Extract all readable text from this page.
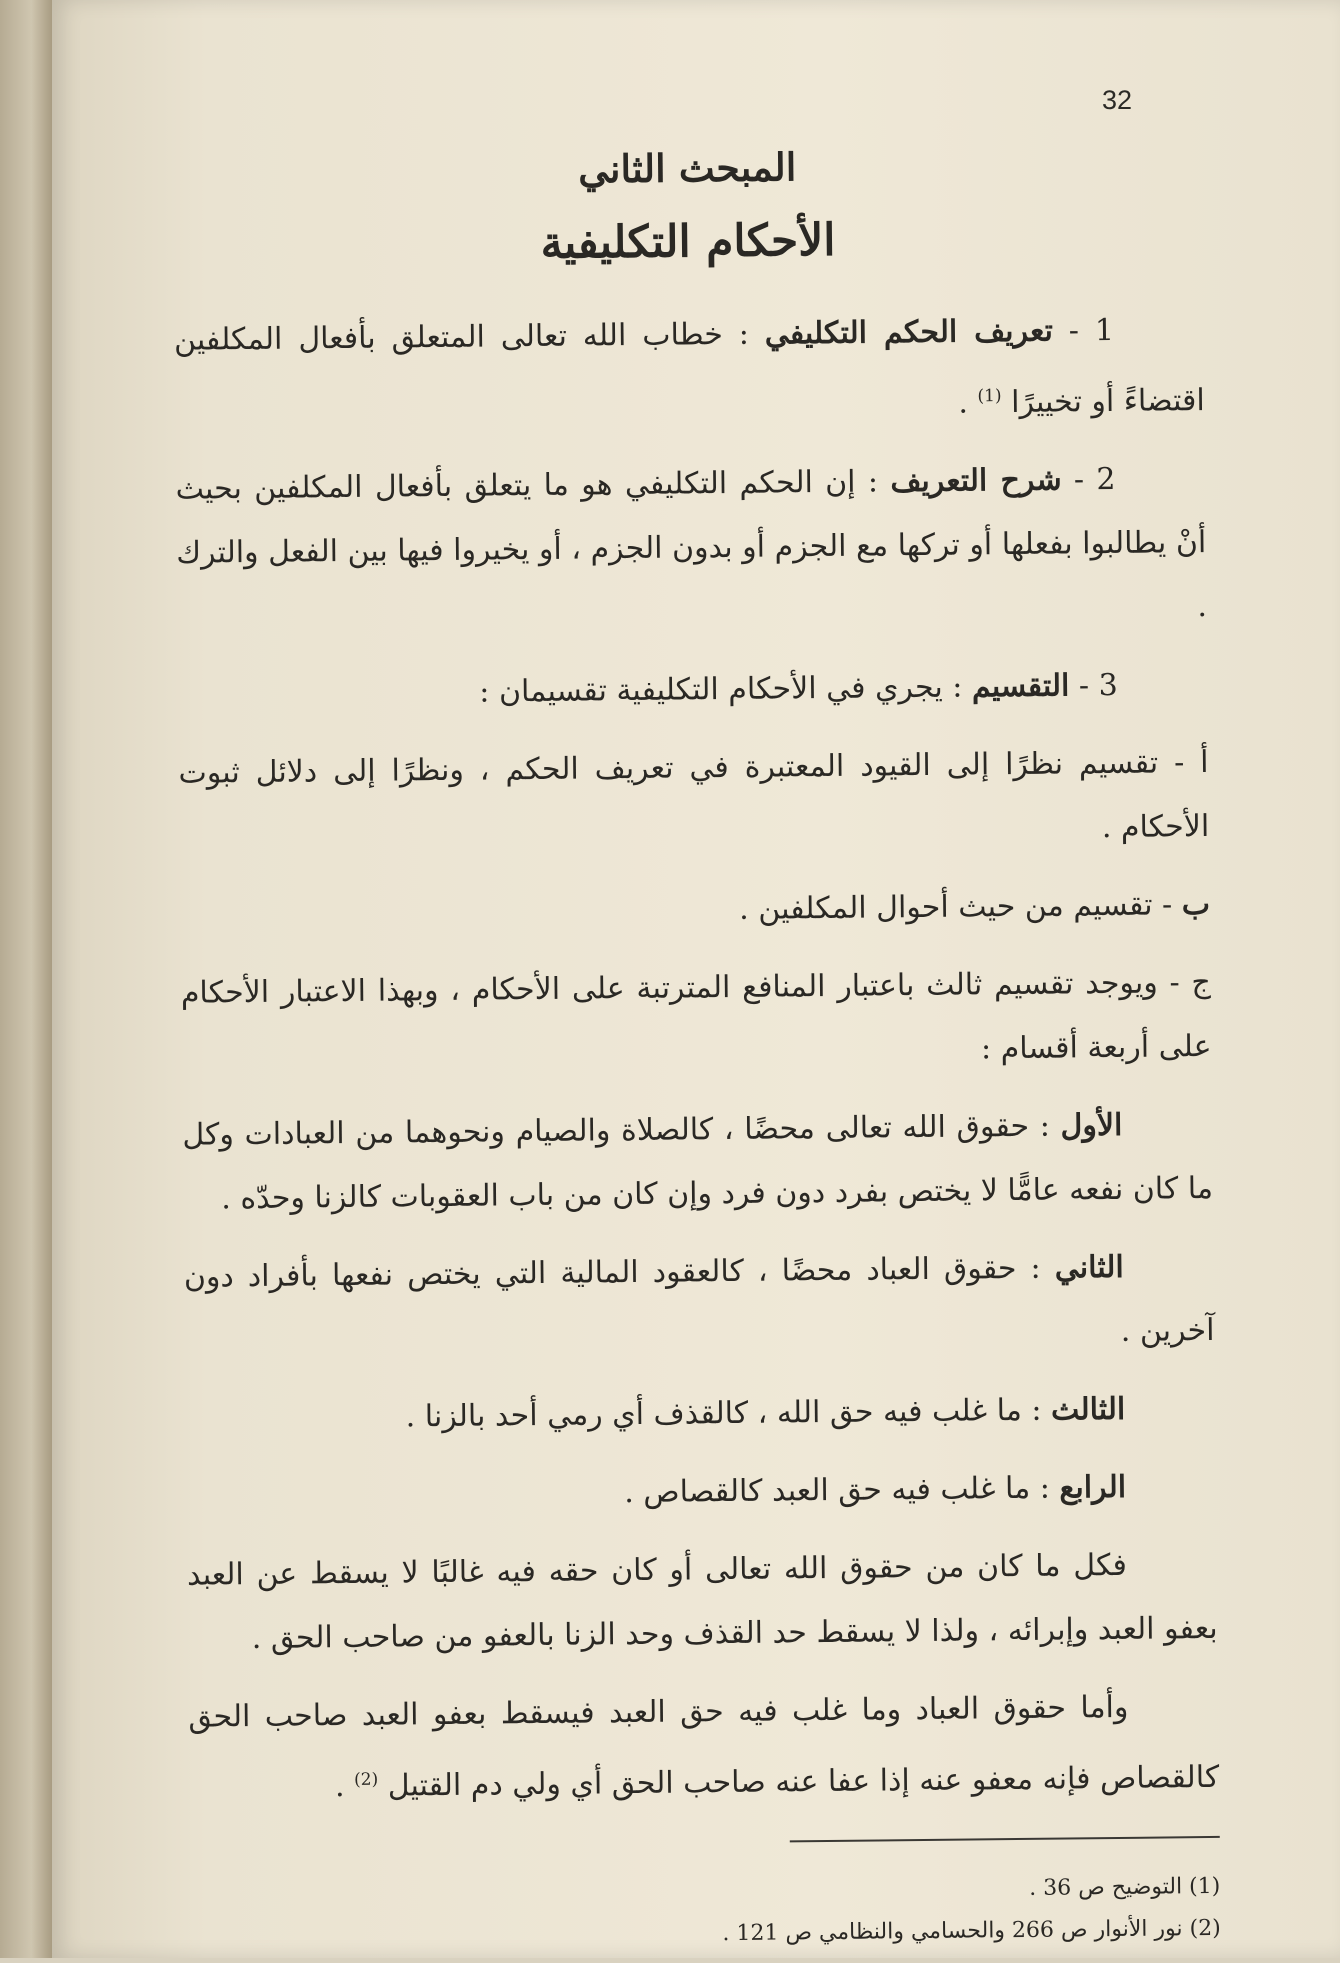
32
المبحث الثاني
الأحكام التكليفية

1 - تعريف الحكم التكليفي : خطاب الله تعالى المتعلق بأفعال المكلفين اقتضاءً أو تخييرًا $^{(1)}$ .

2 - شرح التعريف : إن الحكم التكليفي هو ما يتعلق بأفعال المكلفين بحيث أنْ يطالبوا بفعلها أو تركها مع الجزم أو بدون الجزم ، أو يخيروا فيها بين الفعل والترك .

3 - التقسيم : يجري في الأحكام التكليفية تقسيمان :

أ - تقسيم نظرًا إلى القيود المعتبرة في تعريف الحكم ، ونظرًا إلى دلائل ثبوت الأحكام .

ب - تقسيم من حيث أحوال المكلفين .

ج - ويوجد تقسيم ثالث باعتبار المنافع المترتبة على الأحكام ، وبهذا الاعتبار الأحكام على أربعة أقسام :

الأول : حقوق الله تعالى محضًا ، كالصلاة والصيام ونحوهما من العبادات وكل ما كان نفعه عامًّا لا يختص بفرد دون فرد وإن كان من باب العقوبات كالزنا وحدّه .

الثاني : حقوق العباد محضًا ، كالعقود المالية التي يختص نفعها بأفراد دون آخرين .

الثالث : ما غلب فيه حق الله ، كالقذف أي رمي أحد بالزنا .

الرابع : ما غلب فيه حق العبد كالقصاص .

فكل ما كان من حقوق الله تعالى أو كان حقه فيه غالبًا لا يسقط عن العبد بعفو العبد وإبرائه ، ولذا لا يسقط حد القذف وحد الزنا بالعفو من صاحب الحق .

وأما حقوق العباد وما غلب فيه حق العبد فيسقط بعفو العبد صاحب الحق كالقصاص فإنه معفو عنه إذا عفا عنه صاحب الحق أي ولي دم القتيل $^{(2)}$ .

(1) التوضيح ص 36 .

(2) نور الأنوار ص 266 والحسامي والنظامي ص 121 .
